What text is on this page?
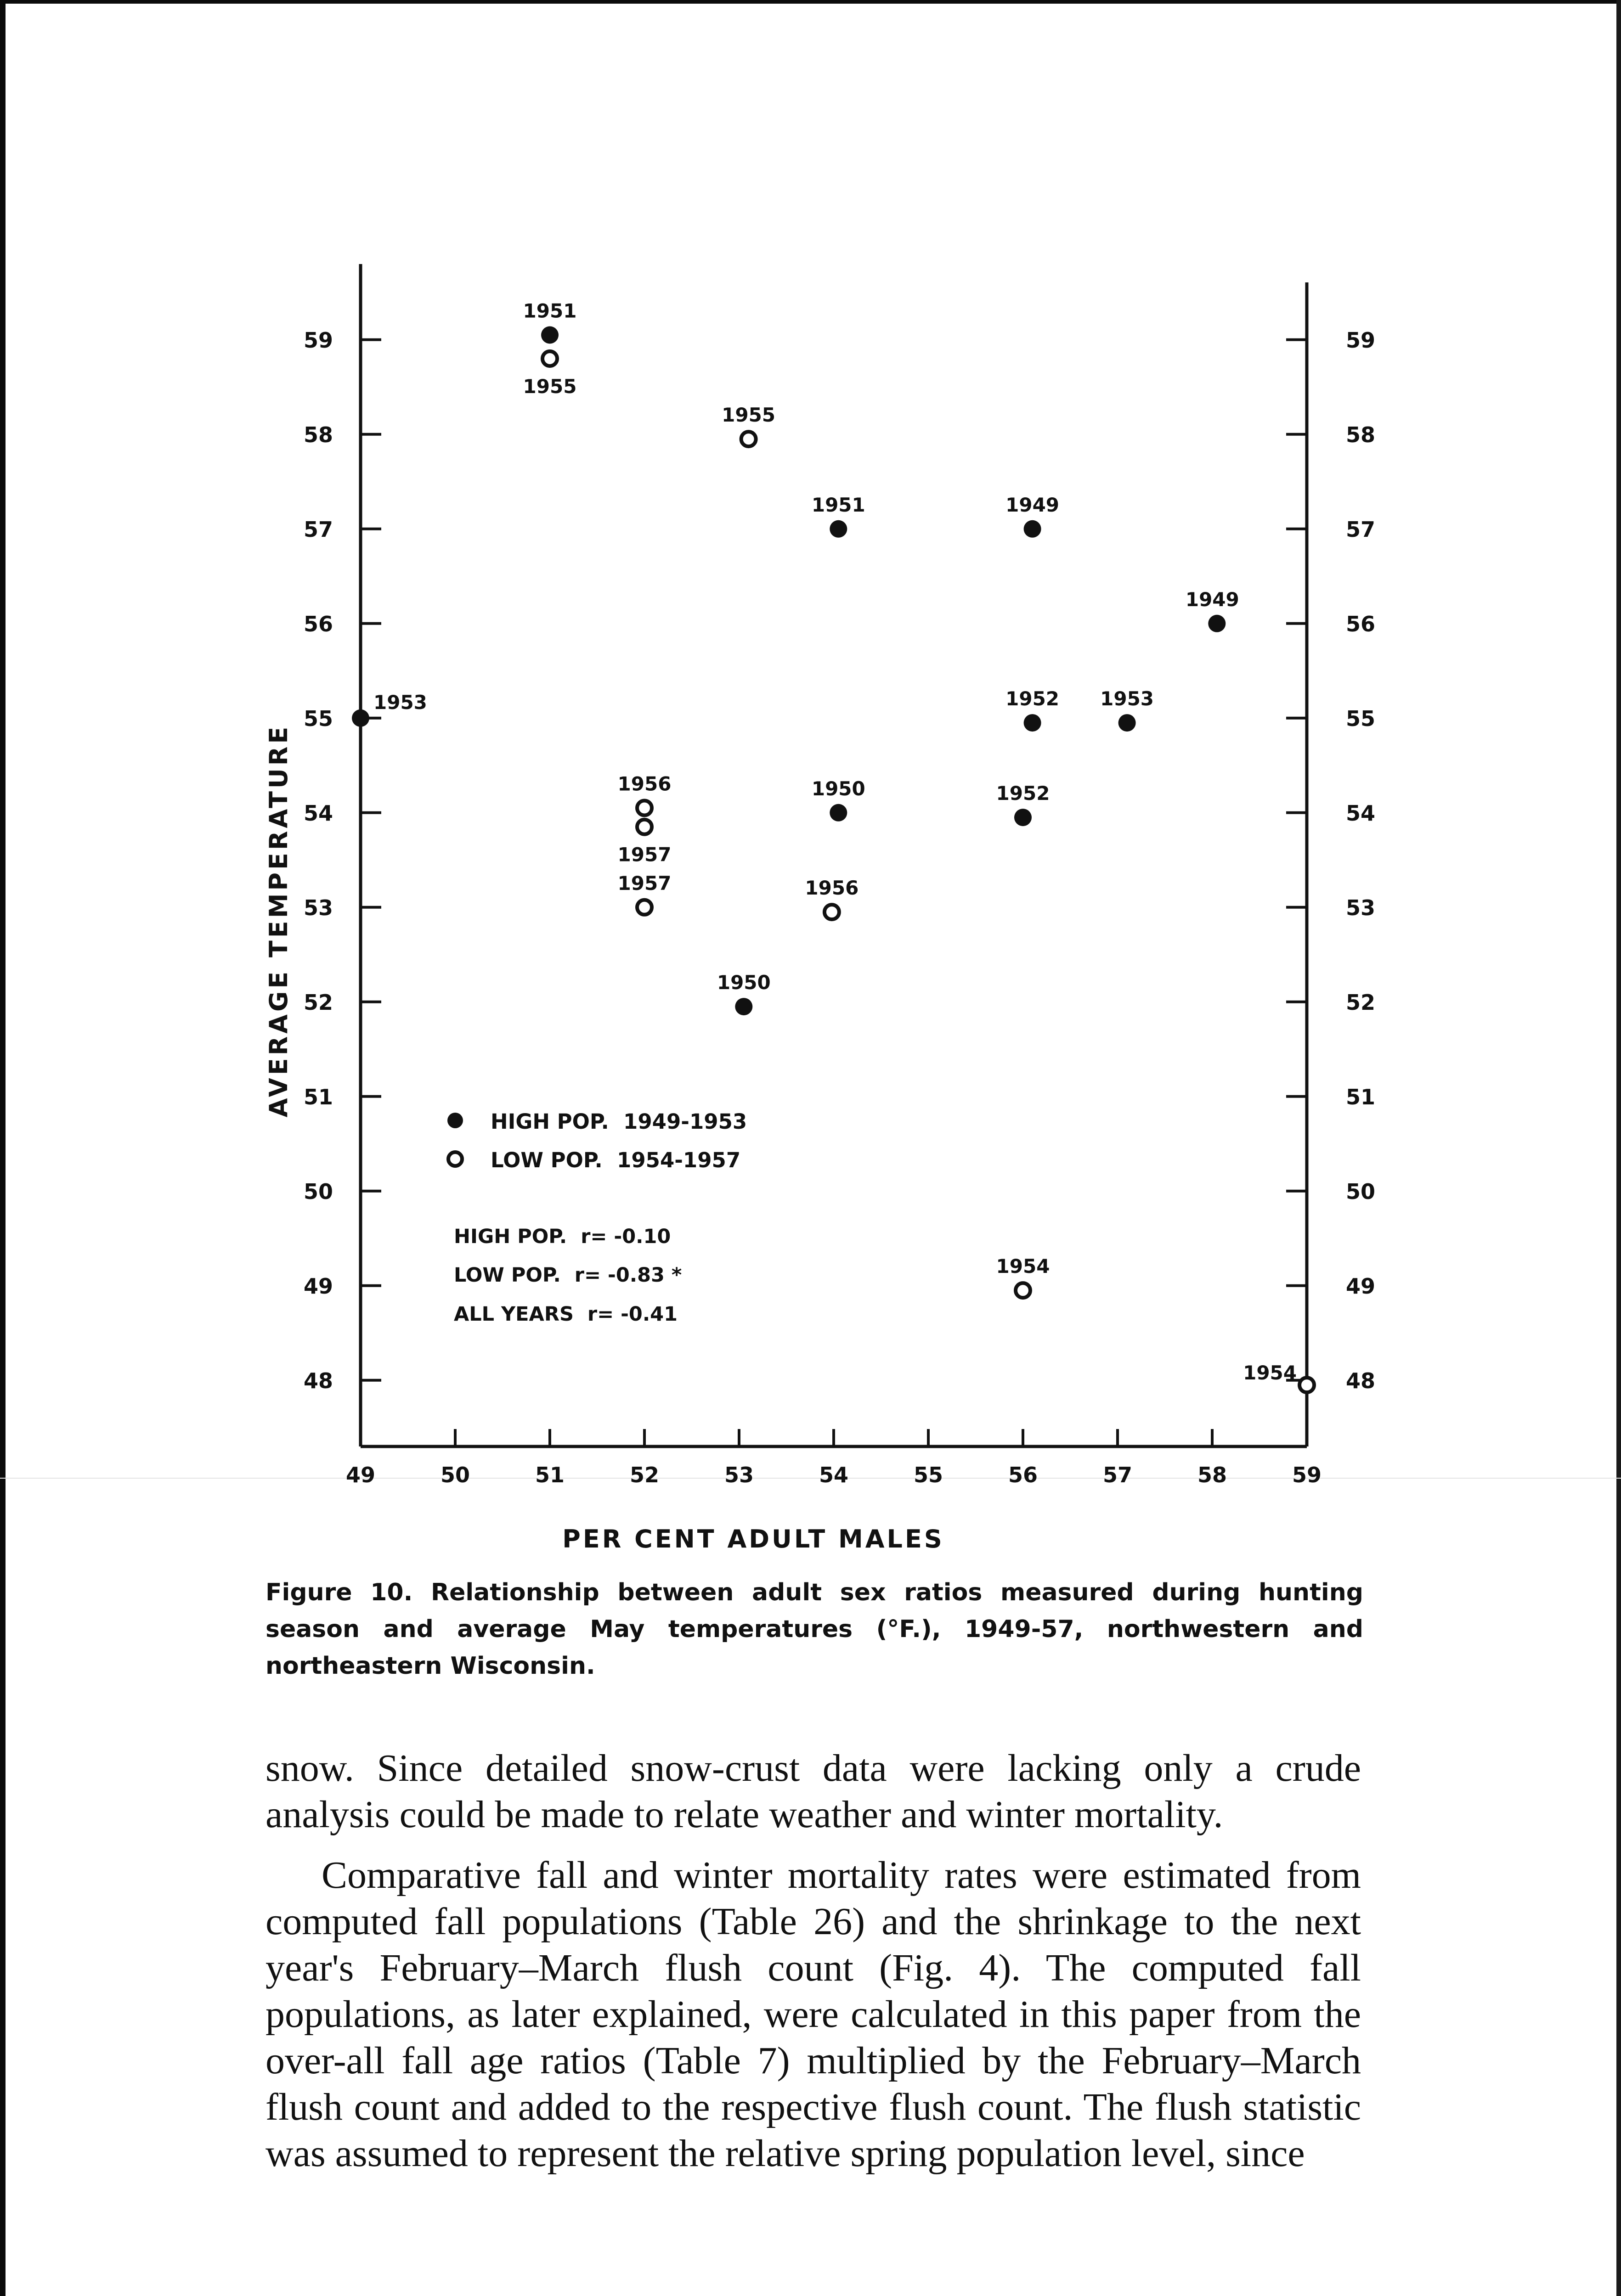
48	48
49	49
50	50
51	51
52	52
53	53
54	54
55	55
56	56
57	57
58	58
59	59
49	50	51	52	53	54	55	56	57	58	59
1951
1953
1951	1949
1949
1952 1953
1950	1952
1950
1955
1955
1956
1957
1957	1956
1954
1954
HIGH POP.  1949-1953
LOW POP.  1954-1957
HIGH POP.  r= -0.10
LOW POP.  r= -0.83 *
ALL YEARS  r= -0.41
PER CENT ADULT MALES
AVERAGE TEMPERATURE

Figure 10. Relationship between adult sex ratios measured during hunting season and average May temperatures (°F.), 1949-57, northwestern and northeastern Wisconsin.

snow. Since detailed snow-crust data were lacking only a crude analysis could be made to relate weather and winter mortality.

Comparative fall and winter mortality rates were estimated from computed fall populations (Table 26) and the shrinkage to the next year's February–March flush count (Fig. 4). The computed fall populations, as later explained, were calculated in this paper from the over-all fall age ratios (Table 7) multiplied by the February–March flush count and added to the respective flush count. The flush statistic was assumed to represent the relative spring population level, since
